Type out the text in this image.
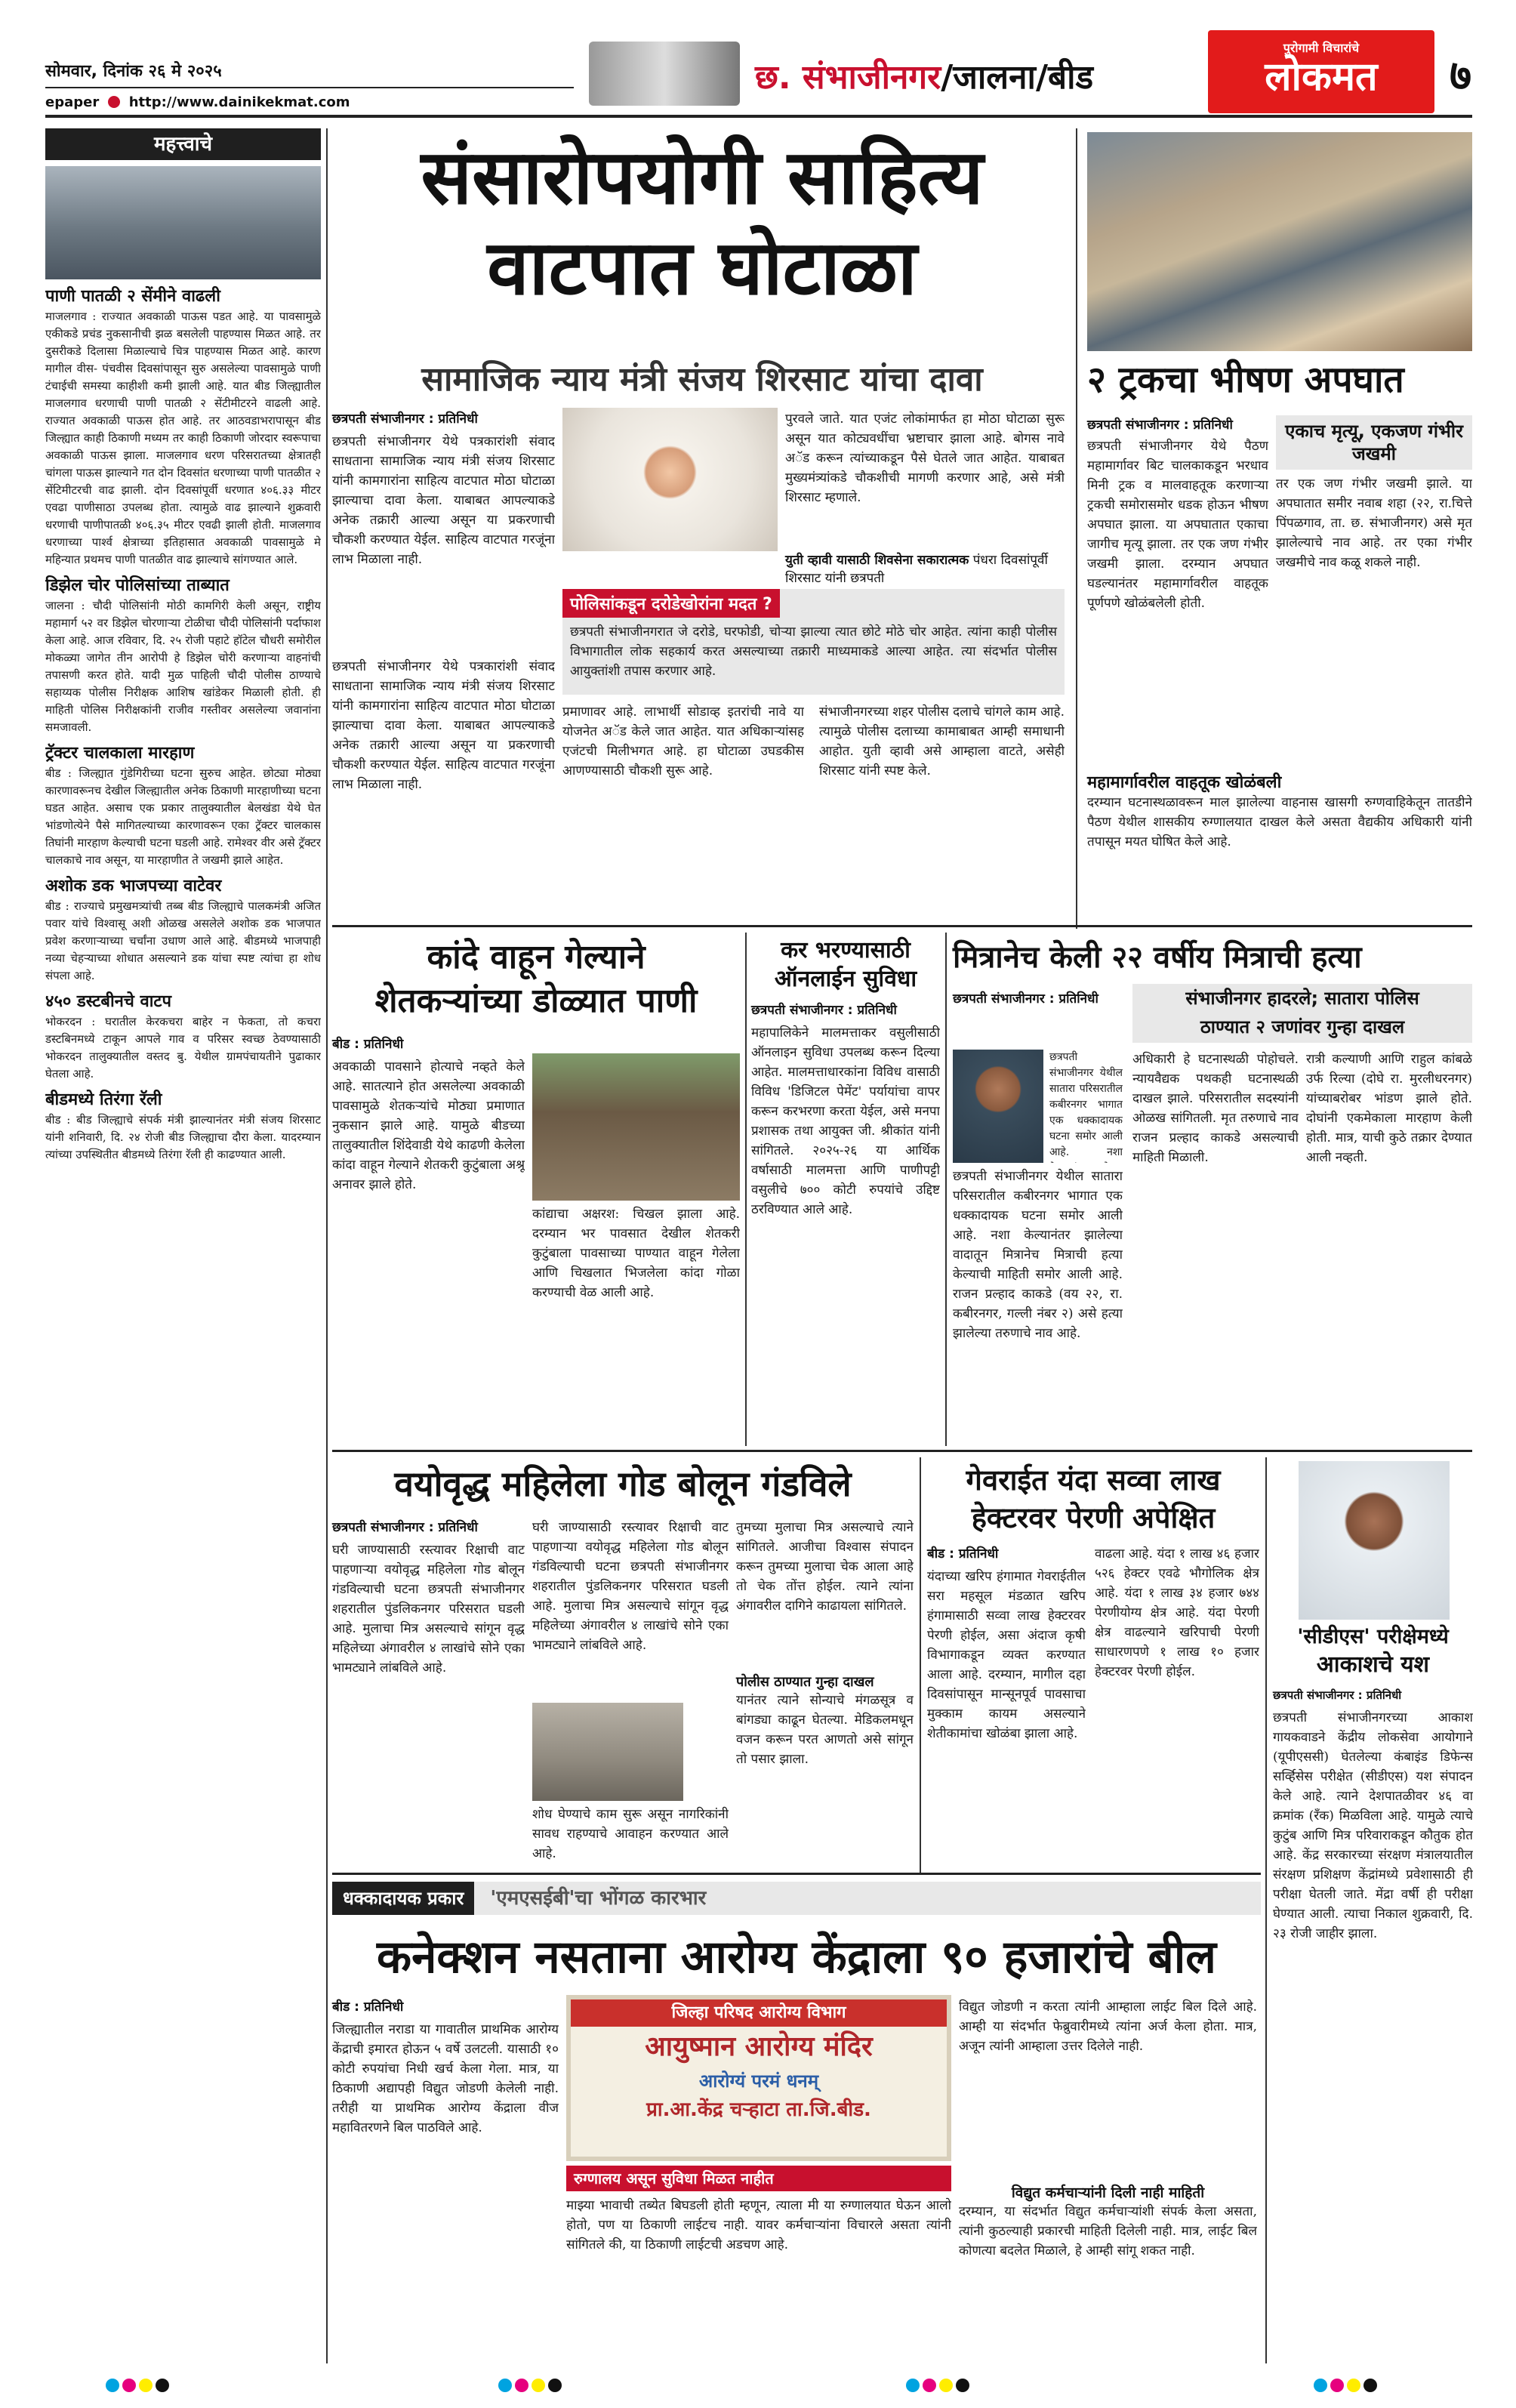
सोमवार, दिनांक २६ मे २०२५	छ. संभाजीनगर/जालना/बीड
पुरोगामी विचारांचे
लोकमत	७
epaper http://www.dainikekmat.com
महत्त्वाचे
पाणी पातळी २ सेंमीने वाढली
माजलगाव : राज्यात अवकाळी पाऊस पडत आहे. या पावसामुळे एकीकडे प्रचंड नुकसानीची झळ बसलेली पाहण्यास मिळत आहे. तर दुसरीकडे दिलासा मिळाल्याचे चित्र पाहण्यास मिळत आहे. कारण मागील वीस- पंचवीस दिवसांपासून सुरु असलेल्या पावसामुळे पाणी टंचाईची समस्या काहीशी कमी झाली आहे. यात बीड जिल्ह्यातील माजलगाव धरणाची पाणी पातळी २ सेंटीमीटरने वाढली आहे. राज्यात अवकाळी पाऊस होत आहे. तर आठवडाभरापासून बीड जिल्ह्यात काही ठिकाणी मध्यम तर काही ठिकाणी जोरदार स्वरूपाचा अवकाळी पाऊस झाला. माजलगाव धरण परिसरातच्या क्षेत्रातही चांगला पाऊस झाल्याने गत दोन दिवसांत धरणाच्या पाणी पातळीत २ सेंटिमीटरची वाढ झाली. दोन दिवसांपूर्वी धरणात ४०६.३३ मीटर एवढा पाणीसाठा उपलब्ध होता. त्यामुळे वाढ झाल्याने शुक्रवारी धरणाची पाणीपातळी ४०६.३५ मीटर एवढी झाली होती. माजलगाव धरणाच्या पार्श्व क्षेत्राच्या इतिहासात अवकाळी पावसामुळे मे महिन्यात प्रथमच पाणी पातळीत वाढ झाल्याचे सांगण्यात आले.
डिझेल चोर पोलिसांच्या ताब्यात
जालना : चौदी पोलिसांनी मोठी कामगिरी केली असून, राष्ट्रीय महामार्ग ५२ वर डिझेल चोरणाऱ्या टोळीचा चौदी पोलिसांनी पर्दाफाश केला आहे. आज रविवार, दि. २५ रोजी पहाटे हॉटेल चौधरी समोरील मोकळ्या जागेत तीन आरोपी हे डिझेल चोरी करणाऱ्या वाहनांची तपासणी करत होते. यादी मुळ पाहिली चौदी पोलीस ठाण्याचे सहाय्यक पोलीस निरीक्षक आशिष खांडेकर मिळाली होती. ही माहिती पोलिस निरीक्षकांनी राजीव गस्तीवर असलेल्या जवानांना समजावली.
ट्रॅक्टर चालकाला मारहाण
बीड : जिल्ह्यात गुंडेगिरीच्या घटना सुरुच आहेत. छोट्या मोठ्या कारणावरूनच देखील जिल्ह्यातील अनेक ठिकाणी मारहाणीच्या घटना घडत आहेत. असाच एक प्रकार तालुक्यातील बेलखंडा येथे घेत भांडणोत्येने पैसे मागितल्याच्या कारणावरून एका ट्रॅक्टर चालकास तिघांनी मारहाण केल्याची घटना घडली आहे. रामेश्वर वीर असे ट्रॅक्टर चालकाचे नाव असून, या मारहाणीत ते जखमी झाले आहेत.
अशोक डक भाजपच्या वाटेवर
बीड : राज्याचे प्रमुखमत्र्यांची तब्ब बीड जिल्ह्याचे पालकमंत्री अजित पवार यांचे विश्वासू अशी ओळख असलेले अशोक डक भाजपात प्रवेश करणाऱ्याच्या चर्चांना उधाण आले आहे. बीडमध्ये भाजपाही नव्या चेहऱ्याच्या शोधात असल्याने डक यांचा स्पष्ट त्यांचा हा शोध संपला आहे.
४५० डस्टबीनचे वाटप
भोकरदन : घरातील केरकचरा बाहेर न फेकता, तो कचरा डस्टबिनमध्ये टाकून आपले गाव व परिसर स्वच्छ ठेवण्यासाठी भोकरदन तालुक्यातील वस्तद बु. येथील ग्रामपंचायतीने पुढाकार घेतला आहे.
बीडमध्ये तिरंगा रॅली
बीड : बीड जिल्ह्याचे संपर्क मंत्री झाल्यानंतर मंत्री संजय शिरसाट यांनी शनिवारी, दि. २४ रोजी बीड जिल्ह्याचा दौरा केला. यादरम्यान त्यांच्या उपस्थितीत बीडमध्ये तिरंगा रॅली ही काढण्यात आली.
संसारोपयोगी साहित्य
वाटपात घोटाळा
सामाजिक न्याय मंत्री संजय शिरसाट यांचा दावा
छत्रपती संभाजीनगर : प्रतिनिधी
छत्रपती संभाजीनगर येथे पत्रकारांशी संवाद साधताना सामाजिक न्याय मंत्री संजय शिरसाट यांनी कामगारांना साहित्य वाटपात मोठा घोटाळा झाल्याचा दावा केला. याबाबत आपल्याकडे अनेक तक्रारी आल्या असून या प्रकरणाची चौकशी करण्यात येईल. साहित्य वाटपात गरजूंना लाभ मिळाला नाही.
पुरवले जाते. यात एजंट लोकांमार्फत हा मोठा घोटाळा सुरू असून यात कोट्यवधींचा भ्रष्टाचार झाला आहे. बोगस नावे अॅड करून त्यांच्याकडून पैसे घेतले जात आहेत. याबाबत मुख्यमंत्र्यांकडे चौकशीची मागणी करणार आहे, असे मंत्री शिरसाट म्हणाले.
युती व्हावी यासाठी शिवसेना सकारात्मक पंधरा दिवसांपूर्वी शिरसाट यांनी छत्रपती
पोलिसांकडून दरोडेखोरांना मदत ?
छत्रपती संभाजीनगरात जे दरोडे, घरफोडी, चोऱ्या झाल्या त्यात छोटे मोठे चोर आहेत. त्यांना काही पोलीस विभागातील लोक सहकार्य करत असल्याच्या तक्रारी माध्यमाकडे आल्या आहेत. त्या संदर्भात पोलीस आयुक्तांशी तपास करणार आहे.
प्रमाणावर आहे. लाभार्थी सोडाव्ह इतरांची नावे या योजनेत अॅड केले जात आहेत. यात अधिकाऱ्यांसह एजंटची मिलीभगत आहे. हा घोटाळा उघडकीस आणण्यासाठी चौकशी सुरू आहे.
संभाजीनगरच्या शहर पोलीस दलाचे चांगले काम आहे. त्यामुळे पोलीस दलाच्या कामाबाबत आम्ही समाधानी आहोत. युती व्हावी असे आम्हाला वाटते, असेही शिरसाट यांनी स्पष्ट केले.
छत्रपती संभाजीनगर येथे पत्रकारांशी संवाद साधताना सामाजिक न्याय मंत्री संजय शिरसाट यांनी कामगारांना साहित्य वाटपात मोठा घोटाळा झाल्याचा दावा केला. याबाबत आपल्याकडे अनेक तक्रारी आल्या असून या प्रकरणाची चौकशी करण्यात येईल. साहित्य वाटपात गरजूंना लाभ मिळाला नाही.
२ ट्रकचा भीषण अपघात
छत्रपती संभाजीनगर : प्रतिनिधी
छत्रपती संभाजीनगर येथे पैठण महामार्गावर बिट चालकाकडून भरधाव मिनी ट्रक व मालवाहतूक करणाऱ्या ट्रकची समोरासमोर धडक होऊन भीषण अपघात झाला. या अपघातात एकाचा जागीच मृत्यू झाला. तर एक जण गंभीर जखमी झाला. दरम्यान अपघात घडल्यानंतर महामार्गावरील वाहतूक पूर्णपणे खोळंबलेली होती.
एकाच मृत्यू, एकजण गंभीर जखमी
तर एक जण गंभीर जखमी झाले. या अपघातात समीर नवाब शहा (२२, रा.चित्ते पिंपळगाव, ता. छ. संभाजीनगर) असे मृत झालेल्याचे नाव आहे. तर एका गंभीर जखमीचे नाव कळू शकले नाही.
महामार्गावरील वाहतूक खोळंबली
दरम्यान घटनास्थळावरून माल झालेल्या वाहनास खासगी रुग्णवाहिकेतून तातडीने पैठण येथील शासकीय रुग्णालयात दाखल केले असता वैद्यकीय अधिकारी यांनी तपासून मयत घोषित केले आहे.
कांदे वाहून गेल्याने
शेतकऱ्यांच्या डोळ्यात पाणी
बीड : प्रतिनिधी
अवकाळी पावसाने होत्याचे नव्हते केले आहे. सातत्याने होत असलेल्या अवकाळी पावसामुळे शेतकऱ्यांचे मोठ्या प्रमाणात नुकसान झाले आहे. यामुळे बीडच्या तालुक्यातील शिंदेवाडी येथे काढणी केलेला कांदा वाहून गेल्याने शेतकरी कुटुंबाला अश्रू अनावर झाले होते.
कांद्याचा अक्षरश: चिखल झाला आहे. दरम्यान भर पावसात देखील शेतकरी कुटुंबाला पावसाच्या पाण्यात वाहून गेलेला आणि चिखलात भिजलेला कांदा गोळा करण्याची वेळ आली आहे.
कर भरण्यासाठी
ऑनलाईन सुविधा
छत्रपती संभाजीनगर : प्रतिनिधी
महापालिकेने मालमत्ताकर वसुलीसाठी ऑनलाइन सुविधा उपलब्ध करून दिल्या आहेत. मालमत्ताधारकांना विविध वासाठी विविध 'डिजिटल पेमेंट' पर्यायांचा वापर करून करभरणा करता येईल, असे मनपा प्रशासक तथा आयुक्त जी. श्रीकांत यांनी सांगितले. २०२५-२६ या आर्थिक वर्षासाठी मालमत्ता आणि पाणीपट्टी वसुलीचे ७०० कोटी रुपयांचे उद्दिष्ट ठरविण्यात आले आहे.
मित्रानेच केली २२ वर्षीय मित्राची हत्या
संभाजीनगर हादरले; सातारा पोलिस
ठाण्यात २ जणांवर गुन्हा दाखल
छत्रपती संभाजीनगर : प्रतिनिधी
छत्रपती संभाजीनगर येथील सातारा परिसरातील कबीरनगर भागात एक धक्कादायक घटना समोर आली आहे. नशा केल्यानंतर झालेल्या वादातून मित्रानेच मित्राची हत्या केल्याची माहिती समोर आली आहे. राजन प्रल्हाद काकडे (वय २२, रा. कबीरनगर, गल्ली नंबर २) असे हत्या झालेल्या तरुणाचे नाव आहे.
छत्रपती संभाजीनगर येथील सातारा परिसरातील कबीरनगर भागात एक धक्कादायक घटना समोर आली आहे. नशा
अधिकारी हे घटनास्थळी पोहोचले. न्यायवैद्यक पथकही घटनास्थळी दाखल झाले. परिसरातील सदस्यांनी ओळख सांगितली. मृत तरुणाचे नाव राजन प्रल्हाद काकडे असल्याची माहिती मिळाली.
रात्री कल्याणी आणि राहुल कांबळे उर्फ रिल्या (दोघे रा. मुरलीधरनगर) यांच्याबरोबर भांडण झाले होते. दोघांनी एकमेकाला मारहाण केली होती. मात्र, याची कुठे तक्रार देण्यात आली नव्हती.
वयोवृद्ध महिलेला गोड बोलून गंडविले
छत्रपती संभाजीनगर : प्रतिनिधी
घरी जाण्यासाठी रस्त्यावर रिक्षाची वाट पाहणाऱ्या वयोवृद्ध महिलेला गोड बोलून गंडविल्याची घटना छत्रपती संभाजीनगर शहरातील पुंडलिकनगर परिसरात घडली आहे. मुलाचा मित्र असल्याचे सांगून वृद्ध महिलेच्या अंगावरील ४ लाखांचे सोने एका भामट्याने लांबविले आहे.
घरी जाण्यासाठी रस्त्यावर रिक्षाची वाट पाहणाऱ्या वयोवृद्ध महिलेला गोड बोलून गंडविल्याची घटना छत्रपती संभाजीनगर शहरातील पुंडलिकनगर परिसरात घडली आहे. मुलाचा मित्र असल्याचे सांगून वृद्ध महिलेच्या अंगावरील ४ लाखांचे सोने एका भामट्याने लांबविले आहे.
शोध घेण्याचे काम सुरू असून नागरिकांनी सावध राहण्याचे आवाहन करण्यात आले आहे.
तुमच्या मुलाचा मित्र असल्याचे त्याने सांगितले. आजीचा विश्वास संपादन करून तुमच्या मुलाचा चेक आला आहे तो चेक तोंत्त होईल. त्याने त्यांना अंगावरील दागिने काढायला सांगितले.
पोलीस ठाण्यात गुन्हा दाखल
यानंतर त्याने सोन्याचे मंगळसूत्र व बांगड्या काढून घेतल्या. मेडिकलमधून वजन करून परत आणतो असे सांगून तो पसार झाला.
गेवराईत यंदा सव्वा लाख
हेक्टरवर पेरणी अपेक्षित
बीड : प्रतिनिधी
यंदाच्या खरिप हंगामात गेवराईतील सरा महसूल मंडळात खरिप हंगामासाठी सव्वा लाख हेक्टरवर पेरणी होईल, असा अंदाज कृषी विभागाकडून व्यक्त करण्यात आला आहे. दरम्यान, मागील दहा दिवसांपासून मान्सूनपूर्व पावसाचा मुक्काम कायम असल्याने शेतीकामांचा खोळंबा झाला आहे.
वाढला आहे. यंदा १ लाख ४६ हजार ५२६ हेक्टर एवढे भौगोलिक क्षेत्र आहे. यंदा १ लाख ३४ हजार ७४४ पेरणीयोग्य क्षेत्र आहे. यंदा पेरणी क्षेत्र वाढल्याने खरिपाची पेरणी साधारणपणे १ लाख १० हजार हेक्टरवर पेरणी होईल.
'सीडीएस' परीक्षेमध्ये
आकाशचे यश
छत्रपती संभाजीनगर : प्रतिनिधी
छत्रपती संभाजीनगरच्या आकाश गायकवाडने केंद्रीय लोकसेवा आयोगाने (यूपीएससी) घेतलेल्या कंबाइंड डिफेन्स सर्व्हिसेस परीक्षेत (सीडीएस) यश संपादन केले आहे. त्याने देशपातळीवर ४६ वा क्रमांक (रँक) मिळविला आहे. यामुळे त्याचे कुटुंब आणि मित्र परिवाराकडून कौतुक होत आहे. केंद्र सरकारच्या संरक्षण मंत्रालयातील संरक्षण प्रशिक्षण केंद्रांमध्ये प्रवेशासाठी ही परीक्षा घेतली जाते. मेंद्रा वर्षी ही परीक्षा घेण्यात आली. त्याचा निकाल शुक्रवारी, दि. २३ रोजी जाहीर झाला.
धक्कादायक प्रकार 'एमएसईबी'चा भोंगळ कारभार
कनेक्शन नसताना आरोग्य केंद्राला ९० हजारांचे बील
बीड : प्रतिनिधी
जिल्ह्यातील नराडा या गावातील प्राथमिक आरोग्य केंद्राची इमारत होऊन ५ वर्षे उलटली. यासाठी १० कोटी रुपयांचा निधी खर्च केला गेला. मात्र, या ठिकाणी अद्यापही विद्युत जोडणी केलेली नाही. तरीही या प्राथमिक आरोग्य केंद्राला वीज महावितरणने बिल पाठविले आहे.
जिल्हा परिषद आरोग्य विभाग
आयुष्मान आरोग्य मंदिर
आरोग्यं परमं धनम्
प्रा.आ.केंद्र चऱ्हाटा ता.जि.बीड.
रुग्णालय असून सुविधा मिळत नाहीत
माझ्या भावाची तब्येत बिघडली होती म्हणून, त्याला मी या रुग्णालयात घेऊन आलो होतो, पण या ठिकाणी लाईटच नाही. यावर कर्मचाऱ्यांना विचारले असता त्यांनी सांगितले की, या ठिकाणी लाईटची अडचण आहे.
विद्युत जोडणी न करता त्यांनी आम्हाला लाईट बिल दिले आहे. आम्ही या संदर्भात फेब्रुवारीमध्ये त्यांना अर्ज केला होता. मात्र, अजून त्यांनी आम्हाला उत्तर दिलेले नाही.
विद्युत कर्मचाऱ्यांनी दिली नाही माहिती
दरम्यान, या संदर्भात विद्युत कर्मचाऱ्यांशी संपर्क केला असता, त्यांनी कुठल्याही प्रकारची माहिती दिलेली नाही. मात्र, लाईट बिल कोणत्या बदलेत मिळाले, हे आम्ही सांगू शकत नाही.
